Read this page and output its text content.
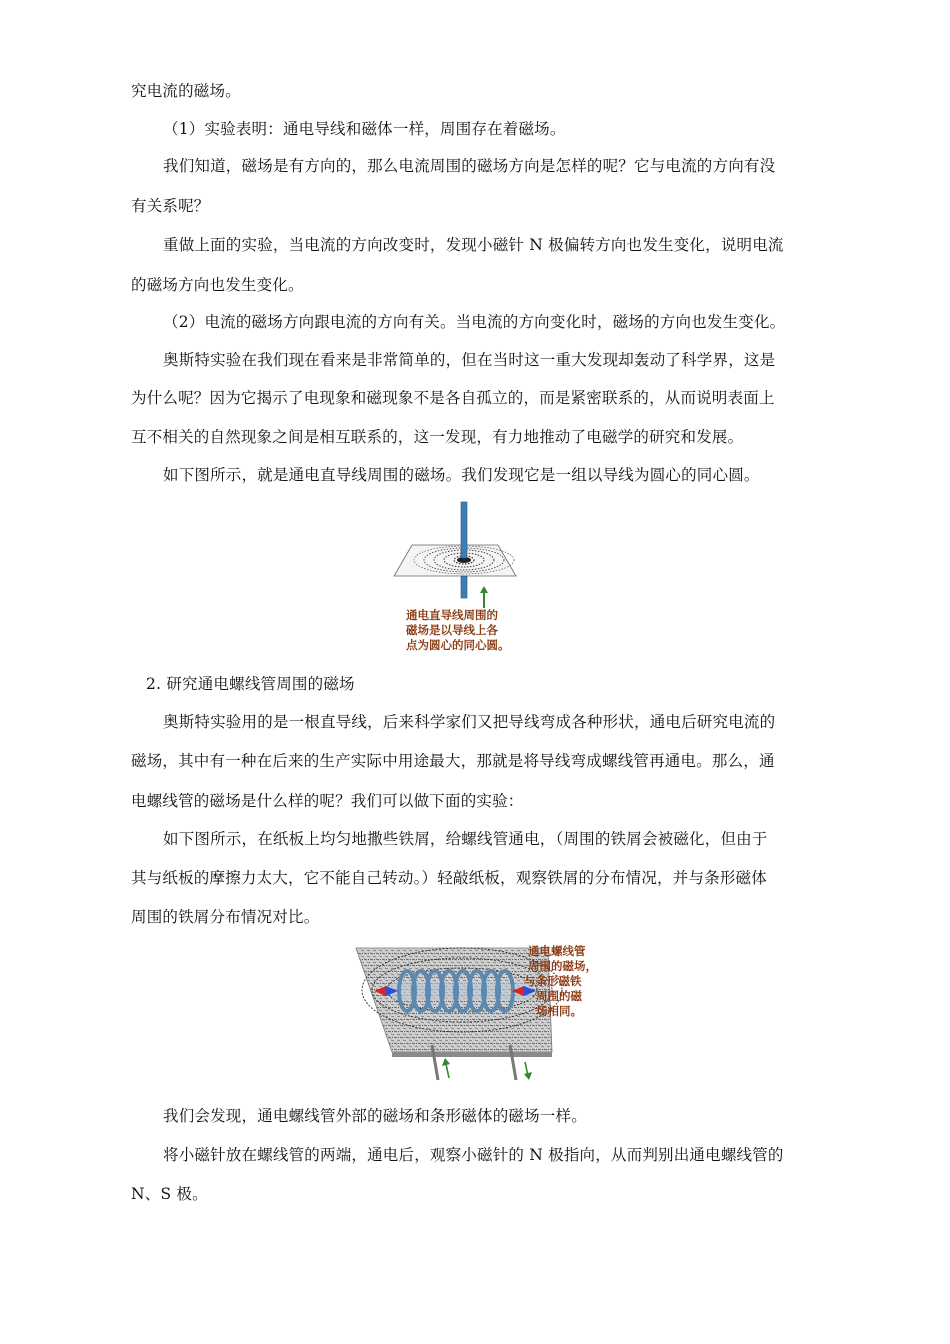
究电流的磁场。

（1）实验表明：通电导线和磁体一样，周围存在着磁场。

我们知道，磁场是有方向的，那么电流周围的磁场方向是怎样的呢？它与电流的方向有没

有关系呢？

重做上面的实验，当电流的方向改变时，发现小磁针 N 极偏转方向也发生变化，说明电流

的磁场方向也发生变化。

（2）电流的磁场方向跟电流的方向有关。当电流的方向变化时，磁场的方向也发生变化。

奥斯特实验在我们现在看来是非常简单的，但在当时这一重大发现却轰动了科学界，这是

为什么呢？因为它揭示了电现象和磁现象不是各自孤立的，而是紧密联系的，从而说明表面上

互不相关的自然现象之间是相互联系的，这一发现，有力地推动了电磁学的研究和发展。

如下图所示，就是通电直导线周围的磁场。我们发现它是一组以导线为圆心的同心圆。

通电直导线周围的
磁场是以导线上各
点为圆心的同心圆。

2. 研究通电螺线管周围的磁场

奥斯特实验用的是一根直导线，后来科学家们又把导线弯成各种形状，通电后研究电流的

磁场，其中有一种在后来的生产实际中用途最大，那就是将导线弯成螺线管再通电。那么，通

电螺线管的磁场是什么样的呢？我们可以做下面的实验：

如下图所示，在纸板上均匀地撒些铁屑，给螺线管通电，（周围的铁屑会被磁化，但由于

其与纸板的摩擦力太大，它不能自己转动。）轻敲纸板，观察铁屑的分布情况，并与条形磁体

周围的铁屑分布情况对比。

通电螺线管
周围的磁场，
与条形磁铁
周围的磁
场相同。

我们会发现，通电螺线管外部的磁场和条形磁体的磁场一样。

将小磁针放在螺线管的两端，通电后，观察小磁针的 N 极指向，从而判别出通电螺线管的

N、S 极。
